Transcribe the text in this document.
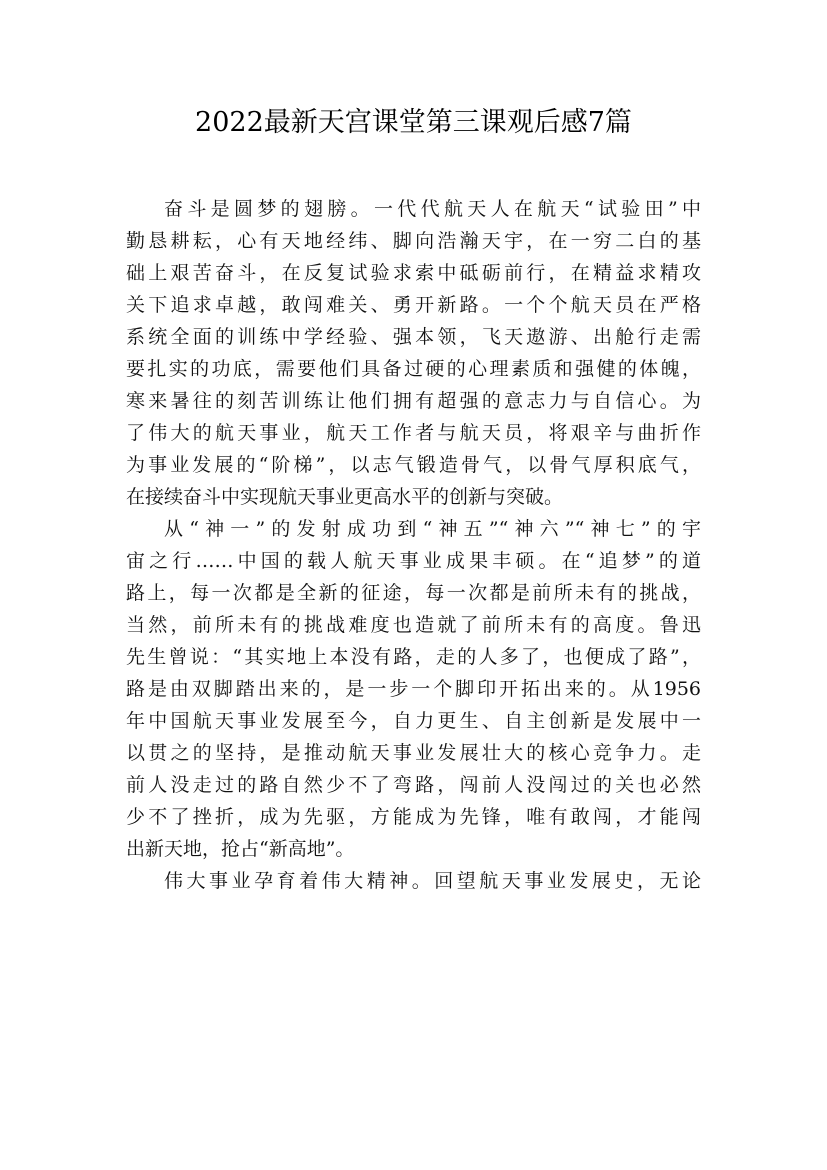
2022最新天宫课堂第三课观后感7篇
奋斗是圆梦的翅膀。一代代航天人在航天“试验田”中
勤恳耕耘，心有天地经纬、脚向浩瀚天宇，在一穷二白的基
础上艰苦奋斗，在反复试验求索中砥砺前行，在精益求精攻
关下追求卓越，敢闯难关、勇开新路。一个个航天员在严格
系统全面的训练中学经验、强本领，飞天遨游、出舱行走需
要扎实的功底，需要他们具备过硬的心理素质和强健的体魄，
寒来暑往的刻苦训练让他们拥有超强的意志力与自信心。为
了伟大的航天事业，航天工作者与航天员，将艰辛与曲折作
为事业发展的“阶梯”，以志气锻造骨气，以骨气厚积底气，
在接续奋斗中实现航天事业更高水平的创新与突破。
从“神一”的发射成功到“神五”“神六”“神七”的宇
宙之行……中国的载人航天事业成果丰硕。在“追梦”的道
路上，每一次都是全新的征途，每一次都是前所未有的挑战，
当然，前所未有的挑战难度也造就了前所未有的高度。鲁迅
先生曾说：“其实地上本没有路，走的人多了，也便成了路”，
路是由双脚踏出来的，是一步一个脚印开拓出来的。从1956
年中国航天事业发展至今，自力更生、自主创新是发展中一
以贯之的坚持，是推动航天事业发展壮大的核心竞争力。走
前人没走过的路自然少不了弯路，闯前人没闯过的关也必然
少不了挫折，成为先驱，方能成为先锋，唯有敢闯，才能闯
出新天地，抢占“新高地”。
伟大事业孕育着伟大精神。回望航天事业发展史，无论
